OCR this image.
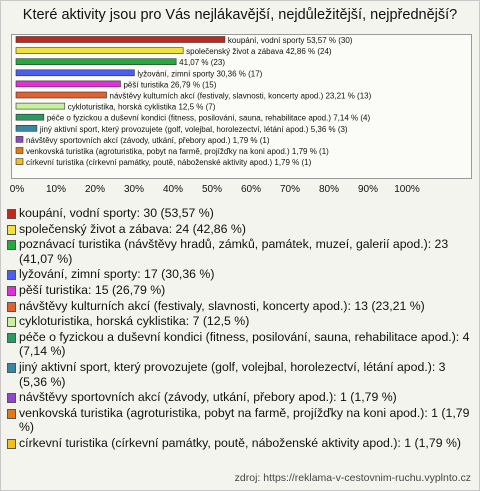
Které aktivity jsou pro Vás nejlákavější, nejdůležitější, nejpřednější?
koupání, vodní sporty 53,57 % (30)
společenský život a zábava 42,86 % (24)
41,07 % (23)
lyžování, zimní sporty 30,36 % (17)
pěší turistika 26,79 % (15)
návštěvy kulturních akcí (festivaly, slavnosti, koncerty apod.) 23,21 % (13)
cykloturistika, horská cyklistika 12,5 % (7)
péče o fyzickou a duševní kondici (fitness, posilování, sauna, rehabilitace apod.) 7,14 % (4)
jiný aktivní sport, který provozujete (golf, volejbal, horolezectví, létání apod.) 5,36 % (3)
návštěvy sportovních akcí (závody, utkání, přebory apod.) 1,79 % (1)
venkovská turistika (agroturistika, pobyt na farmě, projížďky na koni apod.) 1,79 % (1)
církevní turistika (církevní památky, poutě, náboženské aktivity apod.) 1,79 % (1)
0% 10% 20% 30% 40% 50% 60% 70% 80% 90% 100%
koupání, vodní sporty: 30 (53,57 %)
společenský život a zábava: 24 (42,86 %)
poznávací turistika (návštěvy hradů, zámků, památek, muzeí, galerií apod.): 23 (41,07 %)
lyžování, zimní sporty: 17 (30,36 %)
pěší turistika: 15 (26,79 %)
návštěvy kulturních akcí (festivaly, slavnosti, koncerty apod.): 13 (23,21 %)
cykloturistika, horská cyklistika: 7 (12,5 %)
péče o fyzickou a duševní kondici (fitness, posilování, sauna, rehabilitace apod.): 4 (7,14 %)
jiný aktivní sport, který provozujete (golf, volejbal, horolezectví, létání apod.): 3 (5,36 %)
návštěvy sportovních akcí (závody, utkání, přebory apod.): 1 (1,79 %)
venkovská turistika (agroturistika, pobyt na farmě, projížďky na koni apod.): 1 (1,79 %)
církevní turistika (církevní památky, poutě, náboženské aktivity apod.): 1 (1,79 %)
zdroj: https://reklama-v-cestovnim-ruchu.vyplnto.cz
